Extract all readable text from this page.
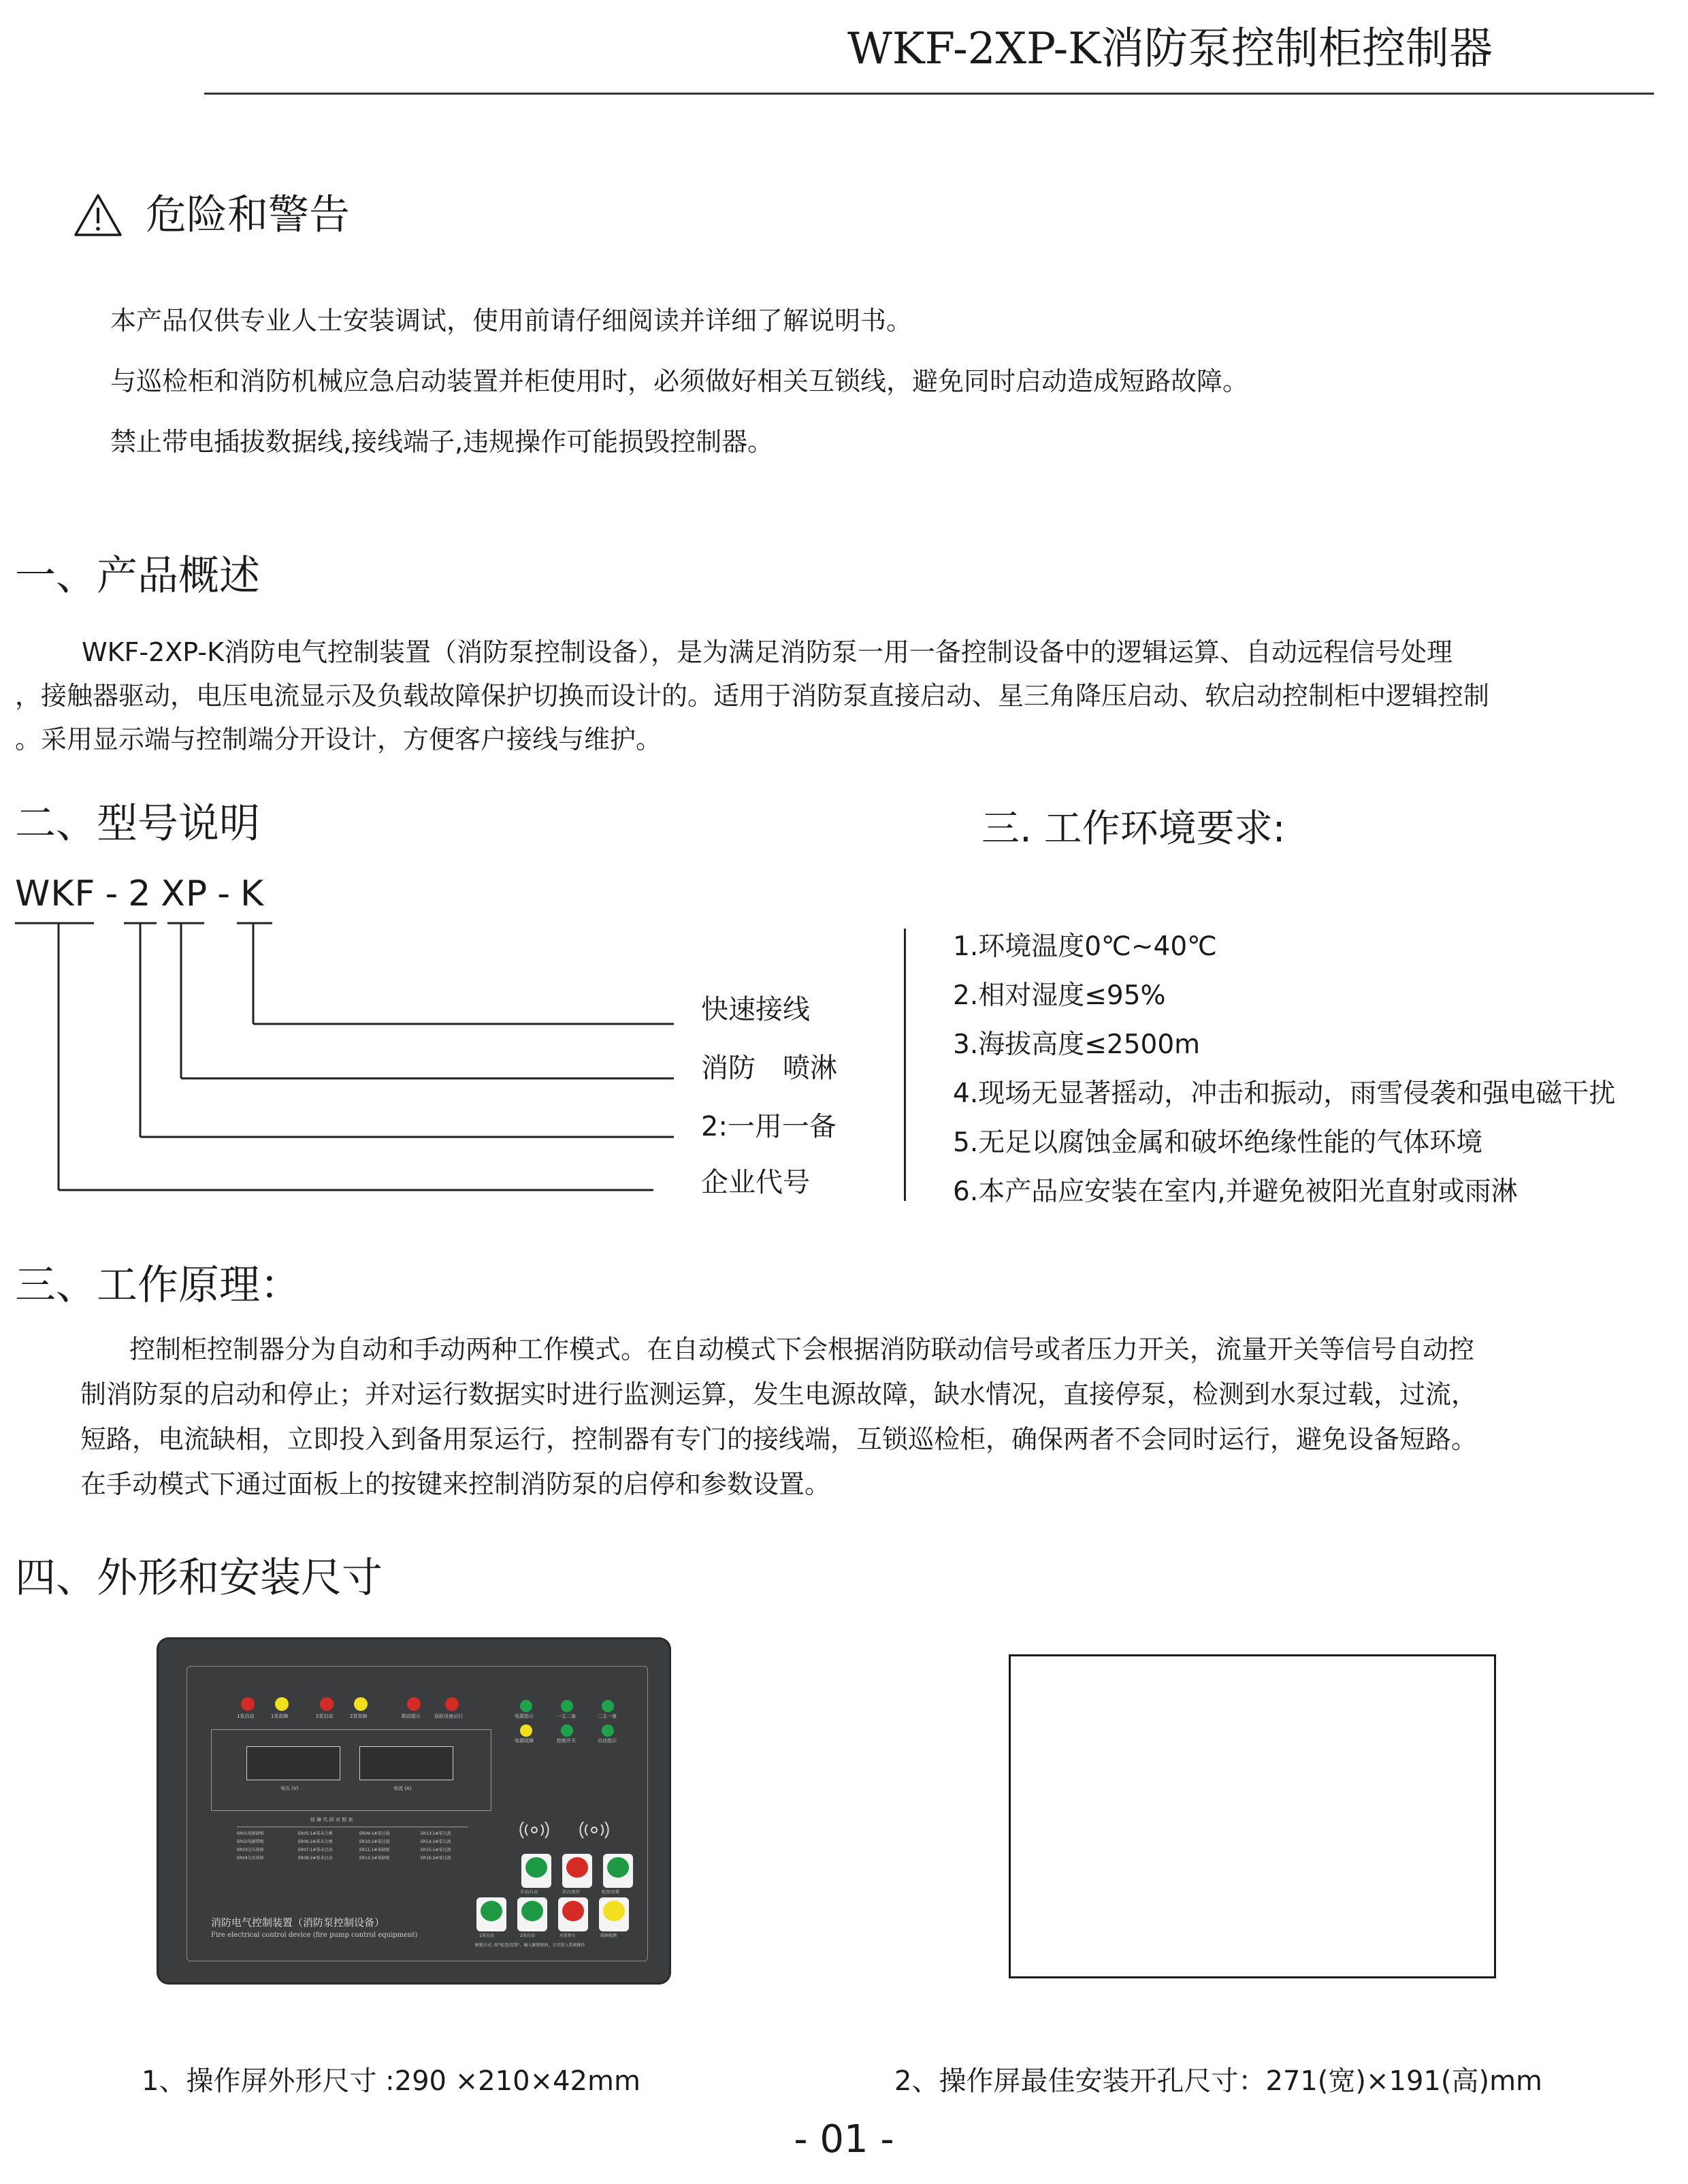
WKF-2XP-K消防泵控制柜控制器
危险和警告
本产品仅供专业人士安装调试，使用前请仔细阅读并详细了解说明书。
与巡检柜和消防机械应急启动装置并柜使用时，必须做好相关互锁线，避免同时启动造成短路故障。
禁止带电插拔数据线,接线端子,违规操作可能损毁控制器。
一、产品概述
WKF-2XP-K消防电气控制装置（消防泵控制设备），是为满足消防泵一用一备控制设备中的逻辑运算、自动远程信号处理
，接触器驱动，电压电流显示及负载故障保护切换而设计的。适用于消防泵直接启动、星三角降压启动、软启动控制柜中逻辑控制
。采用显示端与控制端分开设计，方便客户接线与维护。
二、型号说明
WKF - 2 XP - K
快速接线
消防　喷淋
2:一用一备
企业代号
三. 工作环境要求:
1.环境温度0℃~40℃
2.相对湿度≤95%
3.海拔高度≤2500m
4.现场无显著摇动，冲击和振动，雨雪侵袭和强电磁干扰
5.无足以腐蚀金属和破坏绝缘性能的气体环境
6.本产品应安装在室内,并避免被阳光直射或雨淋
三、工作原理：
控制柜控制器分为自动和手动两种工作模式。在自动模式下会根据消防联动信号或者压力开关，流量开关等信号自动控
制消防泵的启动和停止；并对运行数据实时进行监测运算，发生电源故障，缺水情况，直接停泵，检测到水泵过载，过流，
短路，电流缺相，立即投入到备用泵运行，控制器有专门的接线端，互锁巡检柜，确保两者不会同时运行，避免设备短路。
在手动模式下通过面板上的按键来控制消防泵的启停和参数设置。
四、外形和安装尺寸
1泵启动	1泵故障	2泵启动	2泵故障	联动指示	巡检设备运行	电源指示	一主二备	二主一备
电源故障	控制开关	自动指示
电压 (V)	电流 (A)
故 障 代 码 对 照 表
ER01电源缺相	ER05:1#泵未合闸	ER09:1#泵过载	ER13:1#泵欠流
ER02电源错相	ER06:2#泵未合闸	ER10:2#泵过载	ER14:2#泵欠流
ER03过压故障	ER07:1#泵未启动	ER11:1#泵缺相	ER15:1#泵过流
ER04欠压故障	ER08:2#泵未启动	ER12:2#泵缺相	ER16:2#泵过流
手动/自动	消音/复位	检查/设置
1泵启动	2泵启动	水泵停止	故障检测
解锁方式: 按"检查/设置"，输入解锁密码，方可进入系统操作
消防电气控制装置（消防泵控制设备）
Fire electrical control device (fire pump control equipment)
1、操作屏外形尺寸 :290 ×210×42mm	2、操作屏最佳安装开孔尺寸：271(宽)×191(高)mm
- 01 -
